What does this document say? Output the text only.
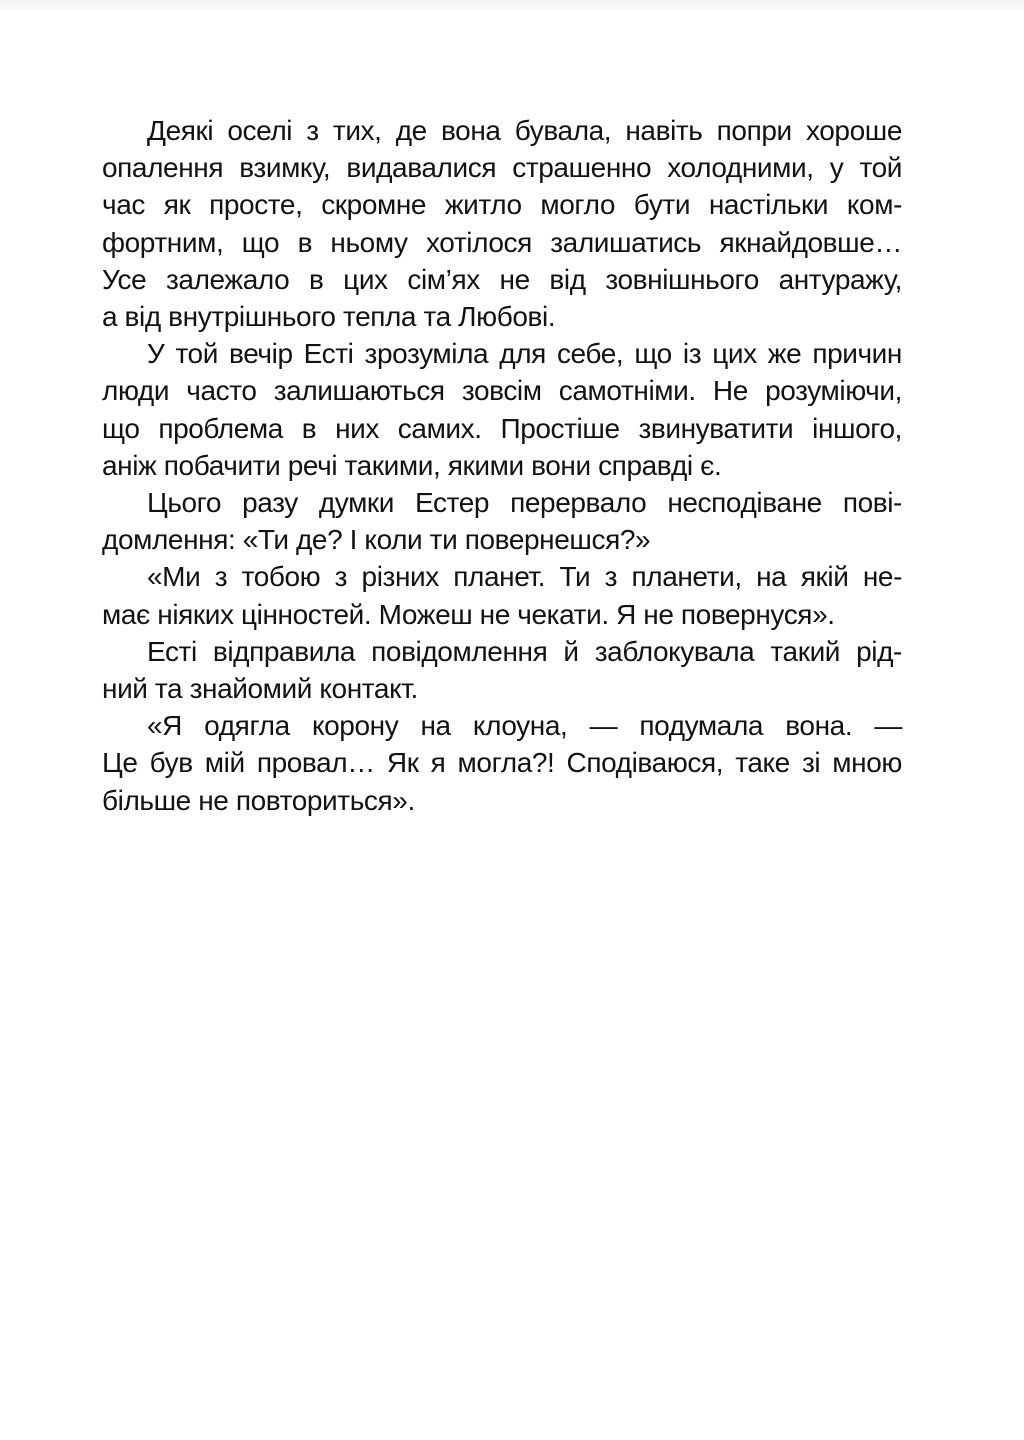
Деякі оселі з тих, де вона бувала, навіть попри хороше
опалення взимку, видавалися страшенно холодними, у той
час як просте, скромне житло могло бути настільки ком-
фортним, що в ньому хотілося залишатись якнайдовше…
Усе залежало в цих сім’ях не від зовнішнього антуражу,
а від внутрішнього тепла та Любові.
У той вечір Есті зрозуміла для себе, що із цих же причин
люди часто залишаються зовсім самотніми. Не розуміючи,
що проблема в них самих. Простіше звинуватити іншого,
аніж побачити речі такими, якими вони справді є.
Цього разу думки Естер перервало несподіване пові-
домлення: «Ти де? І коли ти повернешся?»
«Ми з тобою з різних планет. Ти з планети, на якій не-
має ніяких цінностей. Можеш не чекати. Я не повернуся».
Есті відправила повідомлення й заблокувала такий рід-
ний та знайомий контакт.
«Я одягла корону на клоуна, — подумала вона. —
Це був мій провал… Як я могла?! Сподіваюся, таке зі мною
більше не повториться».
